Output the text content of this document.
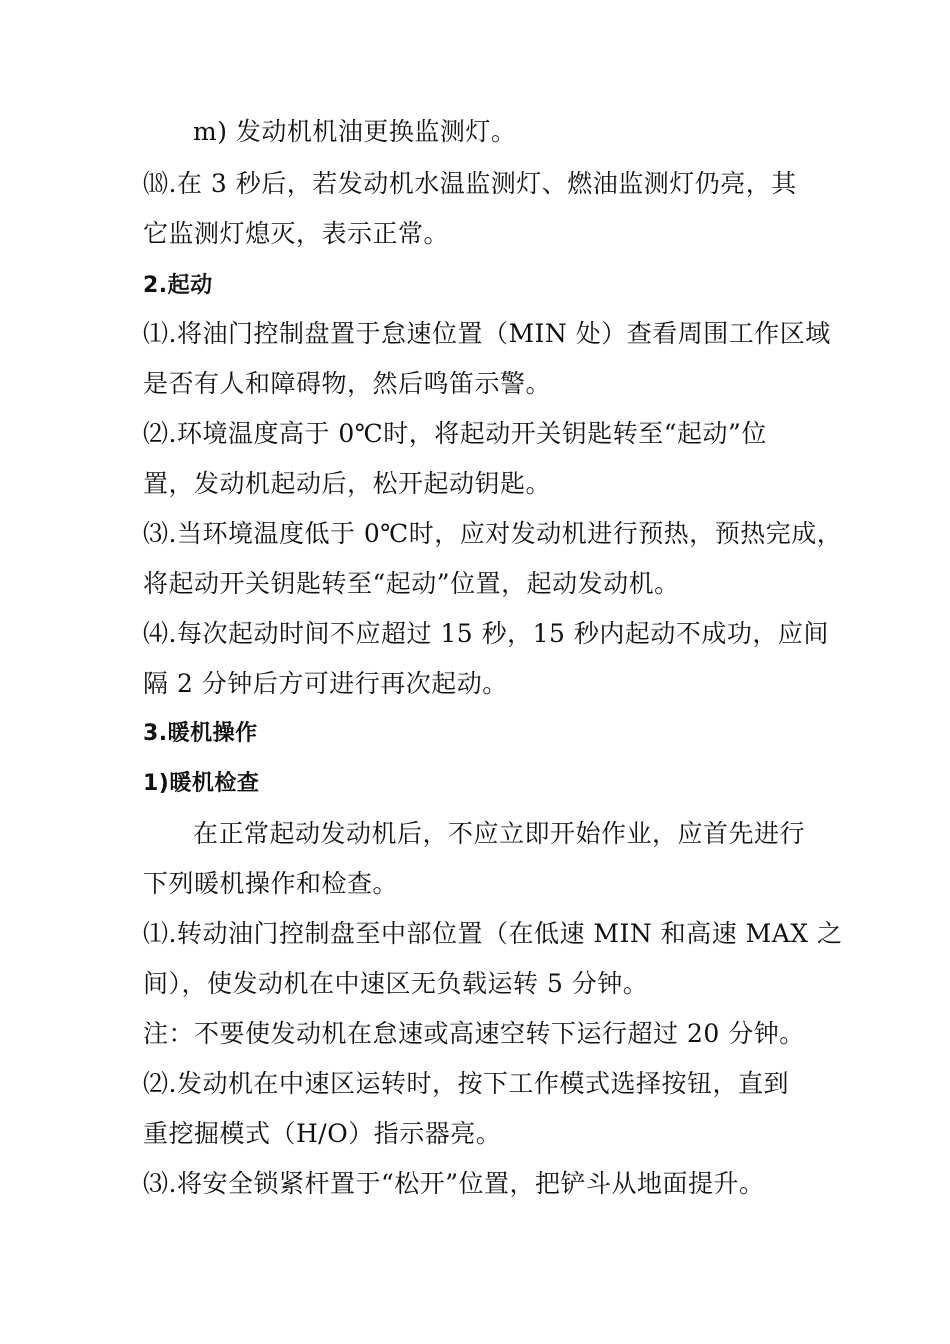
m) 发动机机油更换监测灯。
⒅.在 3 秒后，若发动机水温监测灯、燃油监测灯仍亮，其
它监测灯熄灭，表示正常。
2.起动
⑴.将油门控制盘置于怠速位置（MIN 处）查看周围工作区域
是否有人和障碍物，然后鸣笛示警。
⑵.环境温度高于 0℃时，将起动开关钥匙转至“起动”位
置，发动机起动后，松开起动钥匙。
⑶.当环境温度低于 0℃时，应对发动机进行预热，预热完成，
将起动开关钥匙转至“起动”位置，起动发动机。
⑷.每次起动时间不应超过 15 秒，15 秒内起动不成功，应间
隔 2 分钟后方可进行再次起动。
3.暖机操作
1)暖机检查
在正常起动发动机后，不应立即开始作业，应首先进行
下列暖机操作和检查。
⑴.转动油门控制盘至中部位置（在低速 MIN 和高速 MAX 之
间），使发动机在中速区无负载运转 5 分钟。
注：不要使发动机在怠速或高速空转下运行超过 20 分钟。
⑵.发动机在中速区运转时，按下工作模式选择按钮，直到
重挖掘模式（H/O）指示器亮。
⑶.将安全锁紧杆置于“松开”位置，把铲斗从地面提升。
